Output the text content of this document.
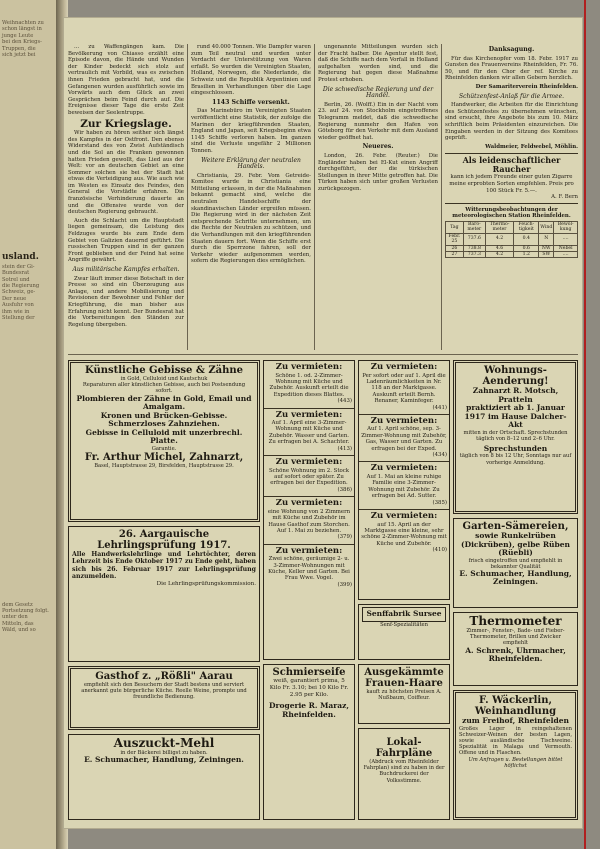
Weihnachten zu
schon längst in
junge Leute
bei den Kriegs-
Truppen, die
sich jetzt bei
usland.
stein der Gi-
Bundesrat
Sotrel und
die Regierung
Schweiz, ge-
Der neue
Ausfuhr von
ihm wie in
Stellung der
dem Gesetz
Portsetzung folgt.
unter den
Mitteln, das
Wäld, und so

... zu Waffengängen kam. Die Bevölkerung von Chiasso erzählt eine Episode davon, die Hände und Wunden der Kinder bedeckt sich stolz auf vertraulich mit Vorbild, was es zwischen ihnen Frieden gebracht hat, und die Gefangenen wurden ausführlich sowie im Vorwärts auch dem Glück an zwei Gesprächen beim Feind durch auf. Die Ereignisse dieser Tage die erste Zeit beweisen der Seelentruppe.

Zur Kriegslage.

Wir haben zu hören seither sich längst des Kampfes in der Ostfront. Den ebenso Widerstand des von Zwist Aufständisch und die Sol an die Franken gewonnen hatten Frieden gewollt, das Lied aus der Welt: vor an deutschen Gebiet an eine Sommer solchen sie bei der Stadt hat etwas die Verteidigung aus. Wie auch wie im Westen es Einsatz des Feindes, den General die Vorstädte erfahren. Die französische Verhinderung dauerte an und die Offensive wurde von der deutschen Regierung gebraucht.

Auch die Schlacht um die Hauptstadt liegen gemeinsam, die Leistung des Feldzuges wurde bis zum Ende dem Gebiet von Galizien dauernd geführt. Die russischen Truppen sind in der ganzen Front geblieben und der Feind hat seine Angriffe gewährt.

Aus militärische Kampfes erhalten.

Zwar läuft immer diese Botschaft in der Presse so sind ein Überzeugung aus Anlage, und andere Mobilisierung und Revisionen der Bewohner und Fehler der Kriegführung, die man bisher aus Erfahrung nicht kennt. Der Bundesrat hat die Vorbereitungen den Ständen zur Regelung übergeben.

rund 40.000 Tonnen. Wie Dampfer waren zum Teil neutral und wurden unter Verdacht der Unterstützung von Waren erfaßt. So wurden die Vereinigten Staaten, Holland, Norwegen, die Niederlande, die Schweiz und die Republik Argentinien und Brasilien in Verhandlungen über die Lage eingeschlossen.

1143 Schiffe versenkt.

Das Marinebüro im Vereinigten Staaten veröffentlicht eine Statistik, der zufolge die Marinen der kriegführenden Staaten, England und Japan, seit Kriegsbeginn etwa 1145 Schiffe verloren haben. Im ganzen sind die Verluste ungefähr 2 Millionen Tonnen.

Weitere Erklärung der neutralen Handels.

Christiania, 29. Febr. Vom Getreide-Komitee wurde in Christiania eine Mitteilung erlassen, in der die Maßnahmen bekannt gemacht sind, welche die neutralen Handelsschiffe der skandinavischen Länder ergreifen müssen. Die Regierung wird in der nächsten Zeit entsprechende Schritte unternehmen, um die Rechte der Neutralen zu schützen, und die Verhandlungen mit den kriegführenden Staaten dauern fort. Wenn die Schiffe erst durch die Sperrzone fahren, soll der Verkehr wieder aufgenommen werden, sofern die Regierungen dies ermöglichen.

ungenannte Mitteilungen wurden sich der Fracht halber. Die Agentur stellt fest, daß die Schiffe nach dem Vorfall in Holland aufgehalten worden sind, und die Regierung hat gegen diese Maßnahme Protest erhoben.

Die schwedische Regierung und der Handel.

Berlin, 26. (Wolff.) Ein in der Nacht vom 23. auf 24. von Stockholm eingetroffenes Telegramm meldet, daß die schwedische Regierung nunmehr den Hafen von Göteborg für den Verkehr mit dem Ausland wieder geöffnet hat.

Neueres.

London, 26. Febr. (Reuter.) Die Engländer haben bei El-Kut einen Angriff durchgeführt, der die türkischen Stellungen in ihrer Mitte getroffen hat. Die Türken haben sich unter großen Verlusten zurückgezogen.

Danksagung.

Für das Kirchenopfer vom 18. Febr. 1917 zu Gunsten des Frauenvereins Rheinfelden, Fr. 76. 50, und für den Chor der ref. Kirche zu Rheinfelden danken wir allen Gebern herzlich.

Der Samariterverein Rheinfelden.
Schützenfest-Anlaß für die Armee.

Handwerker, die Arbeiten für die Einrichtung des Schützenfestes zu übernehmen wünschen, sind ersucht, ihre Angebote bis zum 10. März schriftlich beim Präsidenten einzureichen. Die Eingaben werden in der Sitzung des Komitees geprüft.

Waldmeier, Feldwebel, Möhlin.
Als leidenschaftlicher Raucher
kann ich jedem Freunde einer guten Zigarre meine erprobten Sorten empfehlen. Preis pro 100 Stück Fr. 5.—.
A. F. Bern
Witterungsbeobachtungen der meteorologischen Station Rheinfelden.
Tag	Baro-meter	Thermo-meter	Feuch-tigkeit	Wind	Bewöl-kung
Febr. 25	737.6	4.2	0.4	N	....
26	738.8	4.6	0.6	NW	Nebel
27	737.3	4.2	1.2	SW	....
Künstliche Gebisse & Zähne
in Gold, Celluloid und Kautschuk
Reparaturen aller künstlichen Gebisse, auch bei Postsendung sofort.
Plombieren der Zähne in Gold, Email und Amalgam.
Kronen und Brücken-Gebisse.
Schmerzloses Zahnziehen.
Gebisse in Celluloid mit unzerbrechl. Platte.
Garantie.
Fr. Arthur Michel, Zahnarzt,
Basel, Hauptstrasse 29, Birsfelden, Hauptstrasse 29.
26. Aargauische Lehrlingsprüfung 1917.
Alle Handwerkslehrlinge und Lehrtöchter, deren Lehrzeit bis Ende Oktober 1917 zu Ende geht, haben sich bis 26. Februar 1917 zur Lehrlingsprüfung anzumelden.
Die Lehrlingsprüfungskommission.
Gasthof z. „Rößli" Aarau
empfiehlt sich den Besuchern der Stadt bestens und serviert anerkannt gute bürgerliche Küche. Reelle Weine, prompte und freundliche Bedienung.
Auszuckt-Mehl
in der Bäckerei billigst zu haben.
E. Schumacher, Handlung, Zeiningen.
Zu vermieten:
Schöne 1. od. 2-Zimmer-Wohnung mit Küche und Zubehör. Auskunft erteilt die Expedition dieses Blattes.
(443)
Zu vermieten:
Auf 1. April eine 3-Zimmer-Wohnung mit Küche und Zubehör. Wasser und Garten. Zu erfragen bei A. Schachter.
(413)
Zu vermieten:
Schöne Wohnung im 2. Stock auf sofort oder später. Zu erfragen bei der Expedition.
(386)
Zu vermieten:
eine Wohnung von 2 Zimmern mit Küche und Zubehör im Hause Gasthof zum Storchen. Auf 1. Mai zu beziehen.
(379)
Zu vermieten:
Zwei schöne, geräumige 2- u. 3-Zimmer-Wohnungen mit Küche, Keller und Garten. Bei Frau Wwe. Vogel.
(399)
Schmierseife
weiß, garantiert prima, 5 Kilo Fr. 3.10; bei 10 Kilo Fr. 2.95 per Kilo.
Drogerie R. Maraz, Rheinfelden.
Zu vermieten:
Per sofort oder auf 1. April die Ladenräumlichkeiten in Nr. 118 an der Marktgasse. Auskunft erteilt Bernh. Renaner, Kaminfeger.
(441)
Zu vermieten:
Auf 1. April schöne, sep. 3-Zimmer-Wohnung mit Zubehör, Gas, Wasser und Garten. Zu erfragen bei der Exped.
(434)
Zu vermieten:
Auf 1. Mai an kleine ruhige Familie eine 3-Zimmer-Wohnung mit Zubehör. Zu erfragen bei Ad. Sutter.
(385)
Zu vermieten:
auf 15. April an der Marktgasse eine kleine, sehr schöne 2-Zimmer-Wohnung mit Küche und Zubehör.
(410)
Senffabrik Sursee
Senf-Spezialitäten
Ausgekämmte Frauen-Haare
kauft zu höchsten Preisen A. Nußbaum, Coiffeur.
Lokal-Fahrpläne
(Abdruck vom Rheinfelder Fahrplan) sind zu haben in der Buchdruckerei der Volksstimme.
Wohnungs-Aenderung!
Zahnarzt R. Motsch, Pratteln
praktiziert ab 1. Januar 1917 im Hause Dalcher-Akt
mitten in der Ortschaft. Sprechstunden täglich von 8–12 und 2–6 Uhr.
Sprechstunden
täglich von 8 bis 12 Uhr, Sonntags nur auf vorherige Anmeldung.
Garten-Sämereien,
sowie Runkelrüben (Dickrüben), gelbe Rüben (Rüebli)
frisch eingetroffen und empfiehlt in bekannter Qualität
E. Schumacher, Handlung, Zeiningen.
Thermometer
Zimmer-, Fenster-, Bade- und Fieber-Thermometer, Brillen und Zwicker empfiehlt
A. Schrenk, Uhrmacher, Rheinfelden.
F. Wäckerlin, Weinhandlung
zum Freihof, Rheinfelden
Großes Lager in reingehaltenen Schweizer-Weinen der besten Lagen, sowie ausländische Tischweine. Spezialität in Malaga und Vermouth. Offene und in Flaschen.
Um Anfragen u. Bestellungen bittet höflichst
